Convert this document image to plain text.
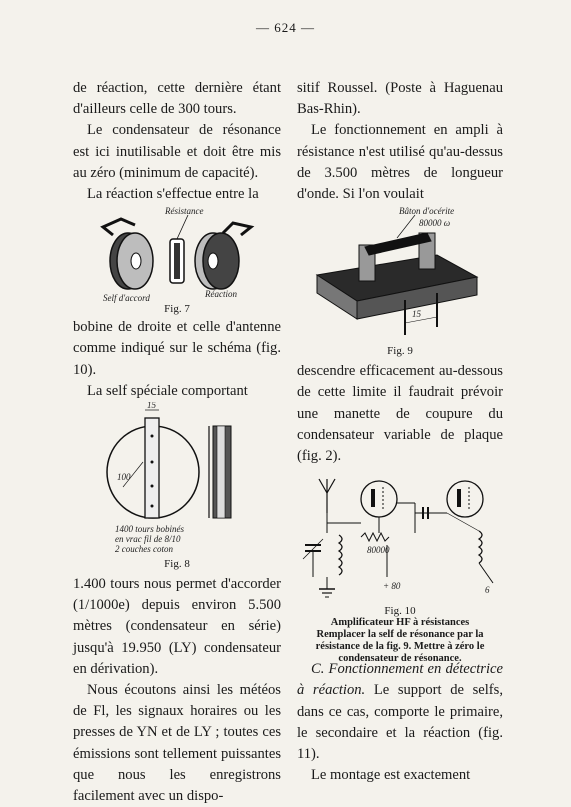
— 624 —

de réaction, cette dernière étant d'ailleurs celle de 300 tours.

Le condensateur de résonance est ici inutilisable et doit être mis au zéro (minimum de capacité).

La réaction s'effectue entre la

Résistance
Self d'accord	Réaction

Fig. 7

bobine de droite et celle d'antenne comme indiqué sur le schéma (fig. 10).

La self spéciale comportant

15
100
1400 tours bobinés
en vrac fil de 8/10
2 couches coton

Fig. 8

1.400 tours nous permet d'accorder (1/1000e) depuis environ 5.500 mètres (condensateur en série) jusqu'à 19.950 (LY) condensateur en dérivation).

Nous écoutons ainsi les météos de Fl, les signaux horaires ou les presses de YN et de LY ; toutes ces émissions sont tellement puissantes que nous les enregistrons facilement avec un dispo-

sitif Roussel. (Poste à Haguenau Bas-Rhin).

Le fonctionnement en ampli à résistance n'est utilisé qu'au-dessus de 3.500 mètres de longueur d'onde. Si l'on voulait

15
Bâton d'océrite
80000 ω

Fig. 9

descendre efficacement au-dessous de cette limite il faudrait prévoir une manette de coupure du condensateur variable de plaque (fig. 2).

80000
+ 80	6

Fig. 10

Amplificateur HF à résistances

Remplacer la self de résonance par la résistance de la fig. 9. Mettre à zéro le condensateur de résonance.

C. Fonctionnement en détectrice à réaction. Le support de selfs, dans ce cas, comporte le primaire, le secondaire et la réaction (fig. 11).

Le montage est exactement
